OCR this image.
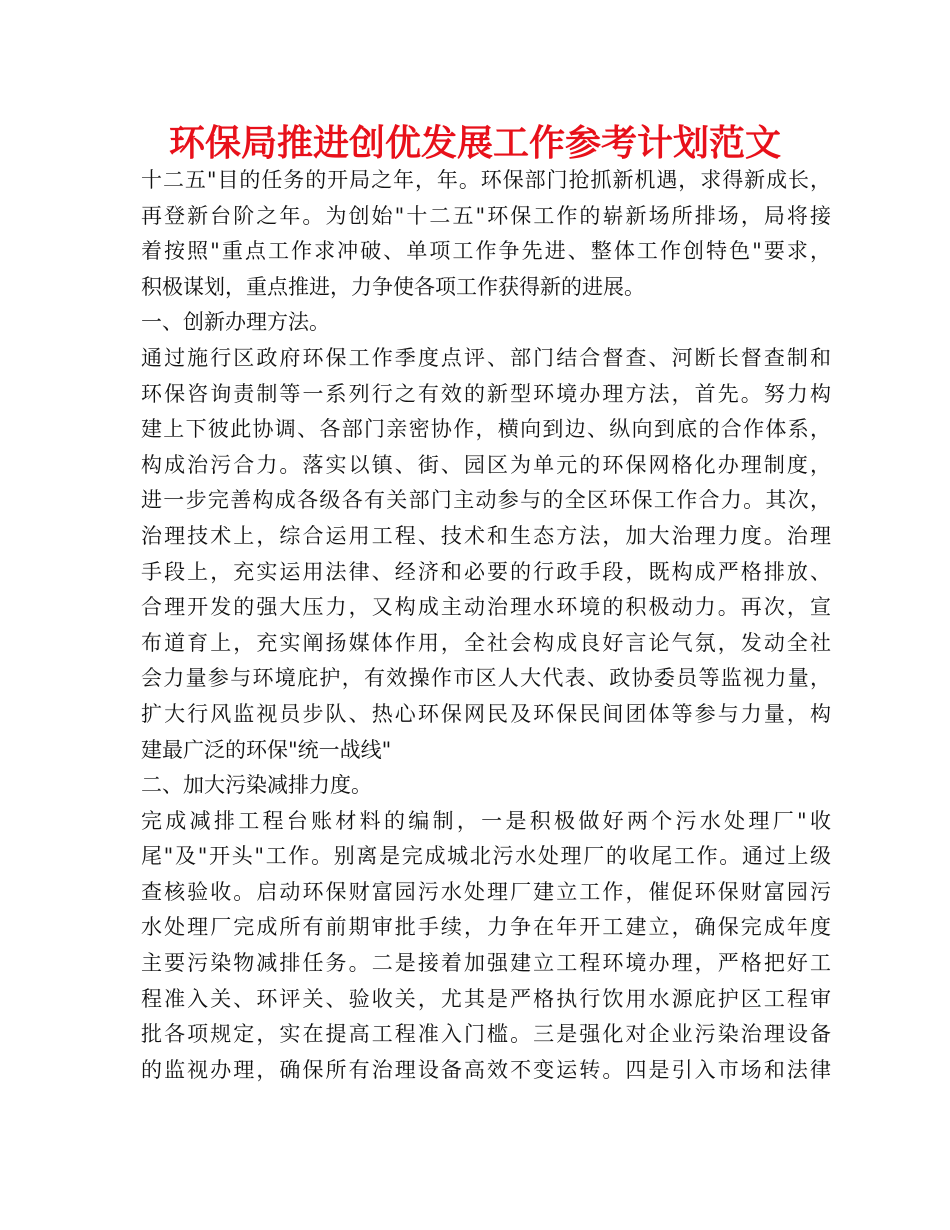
环保局推进创优发展工作参考计划范文
十二五"目的任务的开局之年，年。环保部门抢抓新机遇，求得新成长，
再登新台阶之年。为创始"十二五"环保工作的崭新场所排场，局将接
着按照"重点工作求冲破、单项工作争先进、整体工作创特色"要求，
积极谋划，重点推进，力争使各项工作获得新的进展。
一、创新办理方法。
通过施行区政府环保工作季度点评、部门结合督查、河断长督查制和
环保咨询责制等一系列行之有效的新型环境办理方法，首先。努力构
建上下彼此协调、各部门亲密协作，横向到边、纵向到底的合作体系，
构成治污合力。落实以镇、街、园区为单元的环保网格化办理制度，
进一步完善构成各级各有关部门主动参与的全区环保工作合力。其次，
治理技术上，综合运用工程、技术和生态方法，加大治理力度。治理
手段上，充实运用法律、经济和必要的行政手段，既构成严格排放、
合理开发的强大压力，又构成主动治理水环境的积极动力。再次，宣
布道育上，充实阐扬媒体作用，全社会构成良好言论气氛，发动全社
会力量参与环境庇护，有效操作市区人大代表、政协委员等监视力量，
扩大行风监视员步队、热心环保网民及环保民间团体等参与力量，构
建最广泛的环保"统一战线"
二、加大污染减排力度。
完成减排工程台账材料的编制，一是积极做好两个污水处理厂"收
尾"及"开头"工作。别离是完成城北污水处理厂的收尾工作。通过上级
查核验收。启动环保财富园污水处理厂建立工作，催促环保财富园污
水处理厂完成所有前期审批手续，力争在年开工建立，确保完成年度
主要污染物减排任务。二是接着加强建立工程环境办理，严格把好工
程准入关、环评关、验收关，尤其是严格执行饮用水源庇护区工程审
批各项规定，实在提高工程准入门槛。三是强化对企业污染治理设备
的监视办理，确保所有治理设备高效不变运转。四是引入市场和法律
